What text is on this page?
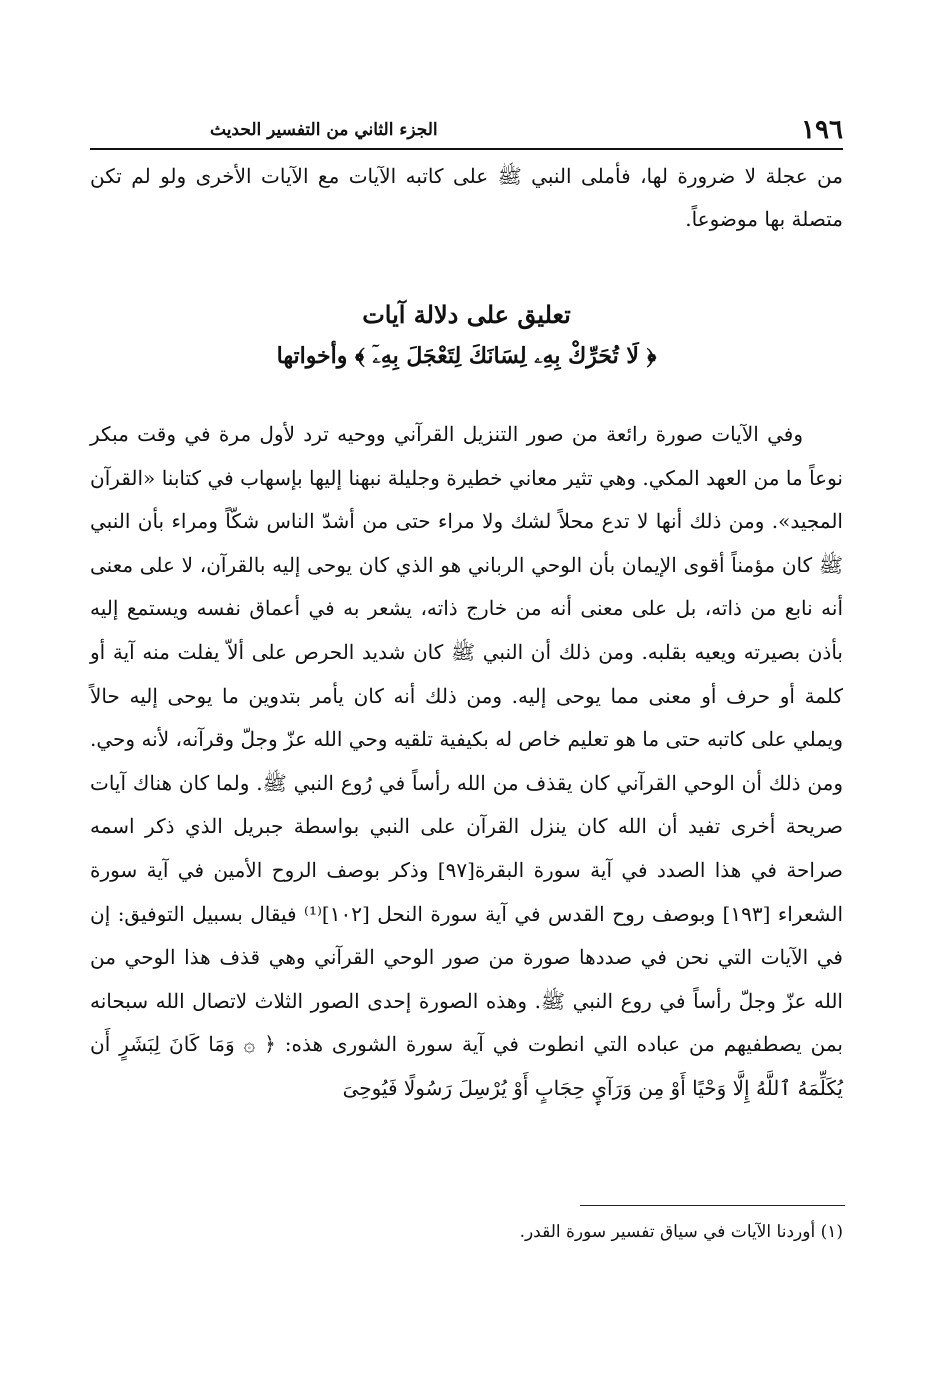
١٩٦
الجزء الثاني من التفسير الحديث
من عجلة لا ضرورة لها، فأملى النبي ﷺ على كاتبه الآيات مع الآيات الأخرى ولو لم تكن متصلة بها موضوعاً.
تعليق على دلالة آيات
﴿ لَا تُحَرِّكْ بِهِۦ لِسَانَكَ لِتَعْجَلَ بِهِۦٓ ﴾ وأخواتها

وفي الآيات صورة رائعة من صور التنزيل القرآني ووحيه ترد لأول مرة في وقت مبكر نوعاً ما من العهد المكي. وهي تثير معاني خطيرة وجليلة نبهنا إليها بإسهاب في كتابنا «القرآن المجيد». ومن ذلك أنها لا تدع محلاً لشك ولا مراء حتى من أشدّ الناس شكّاً ومراء بأن النبي ﷺ كان مؤمناً أقوى الإيمان بأن الوحي الرباني هو الذي كان يوحى إليه بالقرآن، لا على معنى أنه نابع من ذاته، بل على معنى أنه من خارج ذاته، يشعر به في أعماق نفسه ويستمع إليه بأذن بصيرته ويعيه بقلبه. ومن ذلك أن النبي ﷺ كان شديد الحرص على ألاّ يفلت منه آية أو كلمة أو حرف أو معنى مما يوحى إليه. ومن ذلك أنه كان يأمر بتدوين ما يوحى إليه حالاً ويملي على كاتبه حتى ما هو تعليم خاص له بكيفية تلقيه وحي الله عزّ وجلّ وقرآنه، لأنه وحي. ومن ذلك أن الوحي القرآني كان يقذف من الله رأساً في رُوع النبي ﷺ. ولما كان هناك آيات صريحة أخرى تفيد أن الله كان ينزل القرآن على النبي بواسطة جبريل الذي ذكر اسمه صراحة في هذا الصدد في آية سورة البقرة[٩٧] وذكر بوصف الروح الأمين في آية سورة الشعراء [١٩٣] وبوصف روح القدس في آية سورة النحل [١٠٢]⁽¹⁾ فيقال بسبيل التوفيق: إن في الآيات التي نحن في صددها صورة من صور الوحي القرآني وهي قذف هذا الوحي من الله عزّ وجلّ رأساً في روع النبي ﷺ. وهذه الصورة إحدى الصور الثلاث لاتصال الله سبحانه بمن يصطفيهم من عباده التي انطوت في آية سورة الشورى هذه: ﴿ ۞ وَمَا كَانَ لِبَشَرٍ أَن يُكَلِّمَهُ ٱللَّهُ إِلَّا وَحْيًا أَوْ مِن وَرَآيِٕ حِجَابٍ أَوْ يُرْسِلَ رَسُولًا فَيُوحِىَ

(١) أوردنا الآيات في سياق تفسير سورة القدر.
